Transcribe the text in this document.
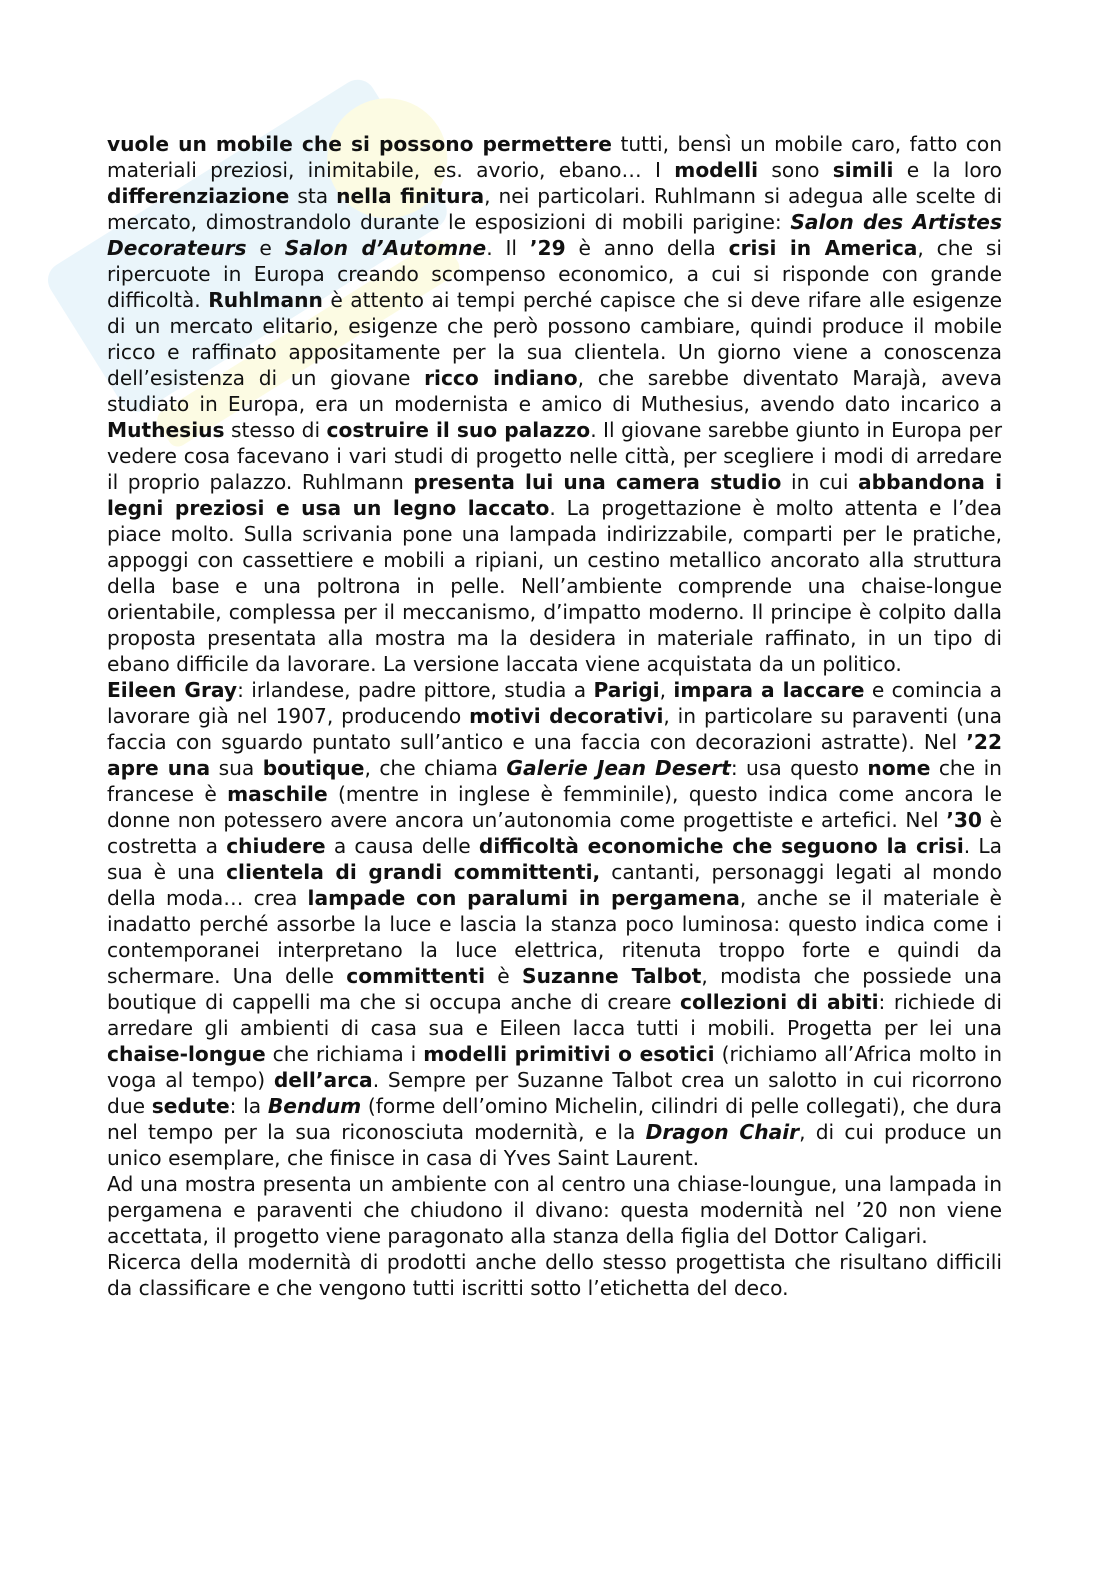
vuole un mobile che si possono permettere tutti, bensì un mobile caro, fatto con materiali preziosi, inimitabile, es. avorio, ebano… I modelli sono simili e la loro differenziazione sta nella finitura, nei particolari. Ruhlmann si adegua alle scelte di mercato, dimostrandolo durante le esposizioni di mobili parigine: Salon des Artistes Decorateurs e Salon d’Automne. Il ’29 è anno della crisi in America, che si ripercuote in Europa creando scompenso economico, a cui si risponde con grande difficoltà. Ruhlmann è attento ai tempi perché capisce che si deve rifare alle esigenze di un mercato elitario, esigenze che però possono cambiare, quindi produce il mobile ricco e raffinato appositamente per la sua clientela. Un giorno viene a conoscenza dell’esistenza di un giovane ricco indiano, che sarebbe diventato Marajà, aveva studiato in Europa, era un modernista e amico di Muthesius, avendo dato incarico a Muthesius stesso di costruire il suo palazzo. Il giovane sarebbe giunto in Europa per vedere cosa facevano i vari studi di progetto nelle città, per scegliere i modi di arredare il proprio palazzo. Ruhlmann presenta lui una camera studio in cui abbandona i legni preziosi e usa un legno laccato. La progettazione è molto attenta e l’dea piace molto. Sulla scrivania pone una lampada indirizzabile, comparti per le pratiche, appoggi con cassettiere e mobili a ripiani, un cestino metallico ancorato alla struttura della base e una poltrona in pelle. Nell’ambiente comprende una chaise-longue orientabile, complessa per il meccanismo, d’impatto moderno. Il principe è colpito dalla proposta presentata alla mostra ma la desidera in materiale raffinato, in un tipo di ebano difficile da lavorare. La versione laccata viene acquistata da un politico.

Eileen Gray: irlandese, padre pittore, studia a Parigi, impara a laccare e comincia a lavorare già nel 1907, producendo motivi decorativi, in particolare su paraventi (una faccia con sguardo puntato sull’antico e una faccia con decorazioni astratte). Nel ’22 apre una sua boutique, che chiama Galerie Jean Desert: usa questo nome che in francese è maschile (mentre in inglese è femminile), questo indica come ancora le donne non potessero avere ancora un’autonomia come progettiste e artefici. Nel ’30 è costretta a chiudere a causa delle difficoltà economiche che seguono la crisi. La sua è una clientela di grandi committenti, cantanti, personaggi legati al mondo della moda… crea lampade con paralumi in pergamena, anche se il materiale è inadatto perché assorbe la luce e lascia la stanza poco luminosa: questo indica come i contemporanei interpretano la luce elettrica, ritenuta troppo forte e quindi da schermare. Una delle committenti è Suzanne Talbot, modista che possiede una boutique di cappelli ma che si occupa anche di creare collezioni di abiti: richiede di arredare gli ambienti di casa sua e Eileen lacca tutti i mobili. Progetta per lei una chaise-longue che richiama i modelli primitivi o esotici (richiamo all’Africa molto in voga al tempo) dell’arca. Sempre per Suzanne Talbot crea un salotto in cui ricorrono due sedute: la Bendum (forme dell’omino Michelin, cilindri di pelle collegati), che dura nel tempo per la sua riconosciuta modernità, e la Dragon Chair, di cui produce un unico esemplare, che finisce in casa di Yves Saint Laurent.

Ad una mostra presenta un ambiente con al centro una chiase-loungue, una lampada in pergamena e paraventi che chiudono il divano: questa modernità nel ’20 non viene accettata, il progetto viene paragonato alla stanza della figlia del Dottor Caligari.

Ricerca della modernità di prodotti anche dello stesso progettista che risultano difficili da classificare e che vengono tutti iscritti sotto l’etichetta del deco.
